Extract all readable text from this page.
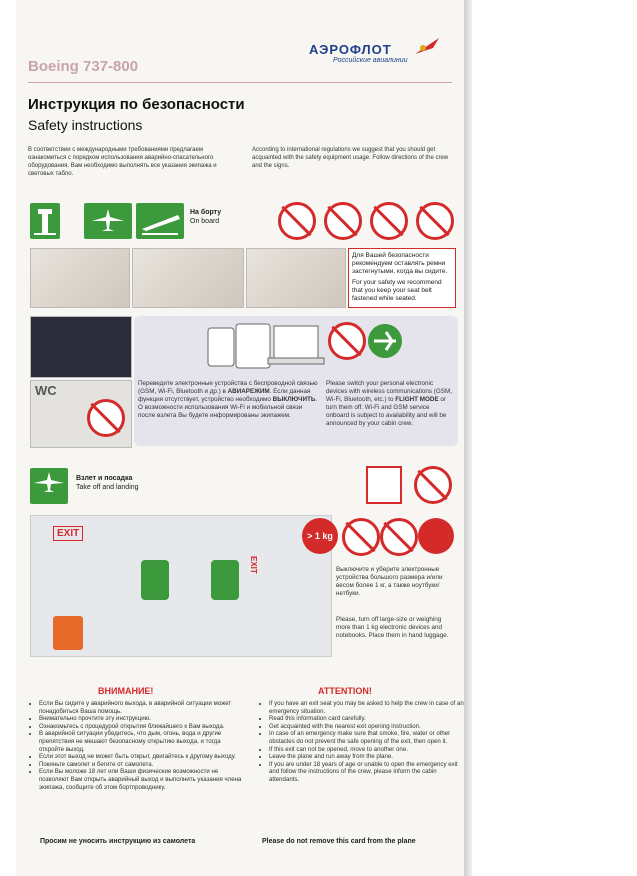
Boeing 737-800
АЭРОФЛОТ
Российские авиалинии
Инструкция по безопасности
Safety instructions
В соответствии с международными требованиями предлагаем ознакомиться с порядком использования аварийно-спасательного оборудования. Вам необходимо выполнять все указания экипажа и световых табло.
According to international regulations we suggest that you should get acquainted with the safety equipment usage. Follow directions of the crew and the signs.
На борту
On board
Для Вашей безопасности рекомендуем оставлять ремни застегнутыми, когда вы сидите.
For your safety we recommend that you keep your seat belt fastened while seated.
Переведите электронные устройства с беспроводной связью (GSM, Wi-Fi, Bluetooth и др.) в АВИАРЕЖИМ. Если данная функция отсутствует, устройство необходимо ВЫКЛЮЧИТЬ. О возможности использования Wi-Fi и мобильной связи после взлета Вы будете информированы экипажем.
Please switch your personal electronic devices with wireless communications (GSM, Wi-Fi, Bluetooth, etc.) to FLIGHT MODE or turn them off. Wi-Fi and GSM service onboard is subject to availability and will be announced by your cabin crew.
WC
Взлет и посадка
Take off and landing
EXIT
EXIT
> 1 kg
Выключите и уберите электронные устройства большого размера и/или весом более 1 кг, а также ноутбуки/нетбуки.
Please, turn off large-size or weighing more than 1 kg electronic devices and notebooks. Place them in hand luggage.
ВНИМАНИЕ!	ATTENTION!
• Если Вы сидите у аварийного выхода, в аварийной ситуации может понадобиться Ваша помощь.
• Внимательно прочтите эту инструкцию.
• Ознакомьтесь с процедурой открытия ближайшего к Вам выхода.
• В аварийной ситуации убедитесь, что дым, огонь, вода и другие препятствия не мешают безопасному открытию выхода, и тогда откройте выход.
• Если этот выход не может быть открыт, двигайтесь к другому выходу.
• Покиньте самолет и бегите от самолета.
• Если Вы моложе 18 лет или Ваши физические возможности не позволяют Вам открыть аварийный выход и выполнить указания члена экипажа, сообщите об этом бортпроводнику.
• If you have an exit seat you may be asked to help the crew in case of an emergency situation.
• Read this information card carefully.
• Get acquainted with the nearest exit opening instruction.
• In case of an emergency make sure that smoke, fire, water or other obstacles do not prevent the safe opening of the exit, then open it.
• If this exit can not be opened, move to another one.
• Leave the plane and run away from the plane.
• If you are under 18 years of age or unable to open the emergency exit and follow the instructions of the crew, please inform the cabin attendants.
Просим не уносить инструкцию из самолета	Please do not remove this card from the plane
